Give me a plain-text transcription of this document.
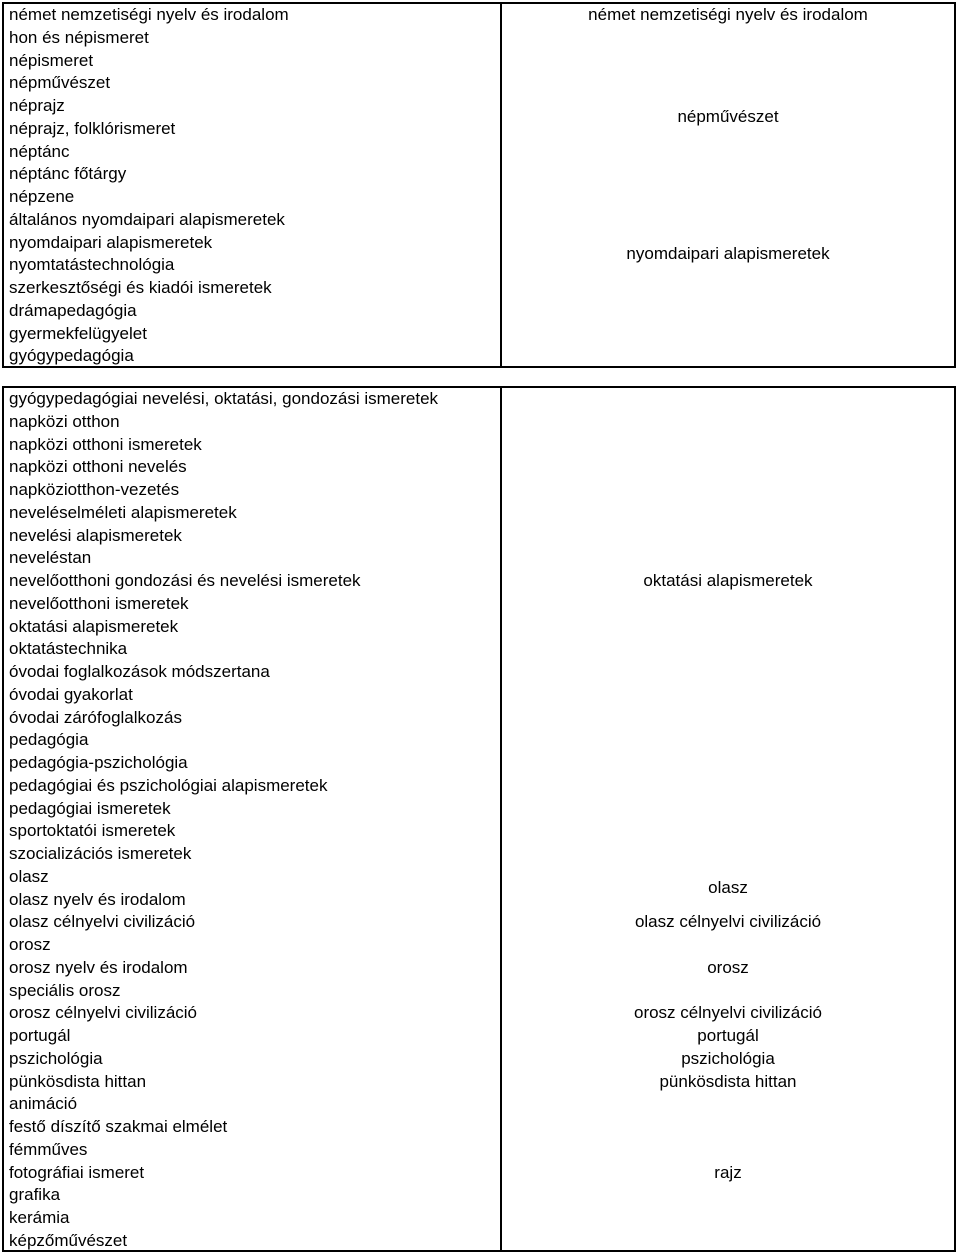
német nemzetiségi nyelv és irodalom
hon és népismeret
népismeret
népművészet
néprajz
néprajz, folklórismeret
néptánc
néptánc főtárgy
népzene
általános nyomdaipari alapismeretek
nyomdaipari alapismeretek
nyomtatástechnológia
szerkesztőségi és kiadói ismeretek
drámapedagógia
gyermekfelügyelet
gyógypedagógia
német nemzetiségi nyelv és irodalom
népművészet
nyomdaipari alapismeretek
gyógypedagógiai nevelési, oktatási, gondozási ismeretek
napközi otthon
napközi otthoni ismeretek
napközi otthoni nevelés
napköziotthon-vezetés
neveléselméleti alapismeretek
nevelési alapismeretek
neveléstan
nevelőotthoni gondozási és nevelési ismeretek
nevelőotthoni ismeretek
oktatási alapismeretek
oktatástechnika
óvodai foglalkozások módszertana
óvodai gyakorlat
óvodai zárófoglalkozás
pedagógia
pedagógia-pszichológia
pedagógiai és pszichológiai alapismeretek
pedagógiai ismeretek
sportoktatói ismeretek
szocializációs ismeretek
olasz
olasz nyelv és irodalom
olasz célnyelvi civilizáció
orosz
orosz nyelv és irodalom
speciális orosz
orosz célnyelvi civilizáció
portugál
pszichológia
pünkösdista hittan
animáció
festő díszítő szakmai elmélet
fémműves
fotográfiai ismeret
grafika
kerámia
képzőművészet
oktatási alapismeretek
olasz
olasz célnyelvi civilizáció
orosz
orosz célnyelvi civilizáció
portugál
pszichológia
pünkösdista hittan
rajz
